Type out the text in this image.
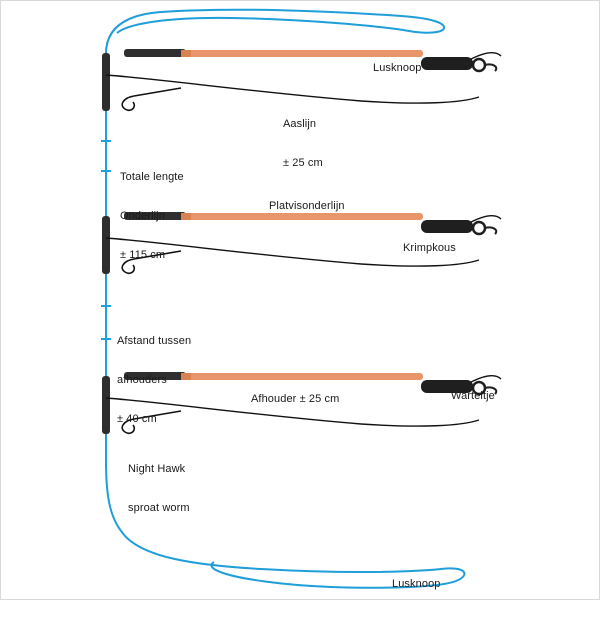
Lusknoop

Aaslijn

± 25 cm

Totale lengte

Onderlijn

± 115 cm

Platvisonderlijn

Krimpkous

Afstand tussen

afhouders

± 40 cm

Afhouder ± 25 cm

	Warteltje

Night Hawk

sproat worm

Lusknoop
